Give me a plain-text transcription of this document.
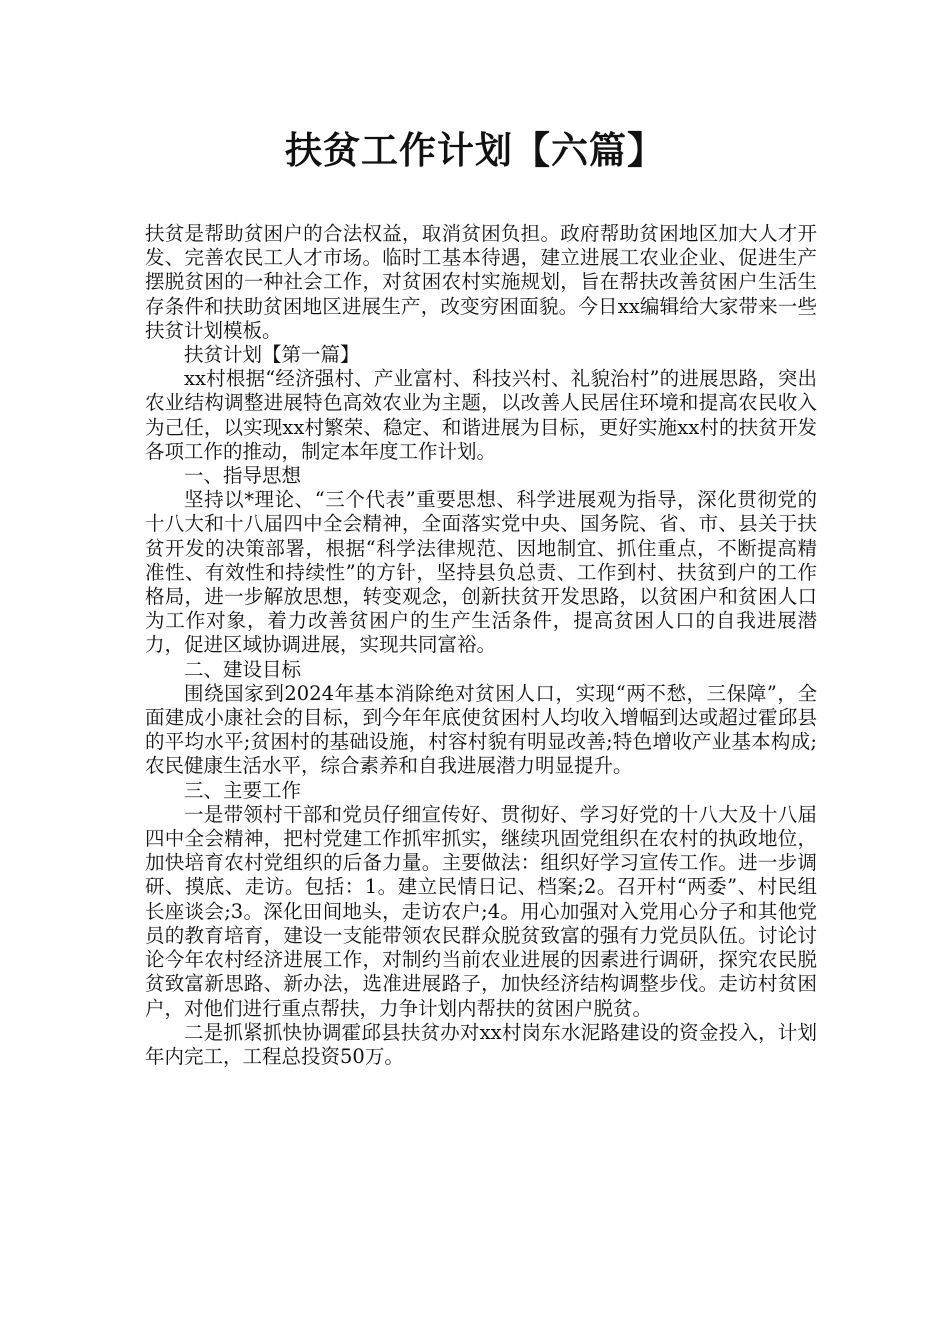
扶贫工作计划【六篇】

扶贫是帮助贫困户的合法权益，取消贫困负担。政府帮助贫困地区加大人才开发、完善农民工人才市场。临时工基本待遇，建立进展工农业企业、促进生产摆脱贫困的一种社会工作，对贫困农村实施规划，旨在帮扶改善贫困户生活生存条件和扶助贫困地区进展生产，改变穷困面貌。今日xx编辑给大家带来一些扶贫计划模板。

扶贫计划【第一篇】

xx村根据“经济强村、产业富村、科技兴村、礼貌治村”的进展思路，突出农业结构调整进展特色高效农业为主题，以改善人民居住环境和提高农民收入为己任，以实现xx村繁荣、稳定、和谐进展为目标，更好实施xx村的扶贫开发各项工作的推动，制定本年度工作计划。

一、指导思想

坚持以*理论、“三个代表”重要思想、科学进展观为指导，深化贯彻党的十八大和十八届四中全会精神，全面落实党中央、国务院、省、市、县关于扶贫开发的决策部署，根据“科学法律规范、因地制宜、抓住重点，不断提高精准性、有效性和持续性”的方针，坚持县负总责、工作到村、扶贫到户的工作格局，进一步解放思想，转变观念，创新扶贫开发思路，以贫困户和贫困人口为工作对象，着力改善贫困户的生产生活条件，提高贫困人口的自我进展潜力，促进区域协调进展，实现共同富裕。

二、建设目标

围绕国家到2024年基本消除绝对贫困人口，实现“两不愁，三保障”，全面建成小康社会的目标，到今年年底使贫困村人均收入增幅到达或超过霍邱县的平均水平;贫困村的基础设施，村容村貌有明显改善;特色增收产业基本构成;农民健康生活水平，综合素养和自我进展潜力明显提升。

三、主要工作

一是带领村干部和党员仔细宣传好、贯彻好、学习好党的十八大及十八届四中全会精神，把村党建工作抓牢抓实，继续巩固党组织在农村的执政地位，加快培育农村党组织的后备力量。主要做法：组织好学习宣传工作。进一步调研、摸底、走访。包括：1。建立民情日记、档案;2。召开村“两委”、村民组长座谈会;3。深化田间地头，走访农户;4。用心加强对入党用心分子和其他党员的教育培育，建设一支能带领农民群众脱贫致富的强有力党员队伍。讨论讨论今年农村经济进展工作，对制约当前农业进展的因素进行调研，探究农民脱贫致富新思路、新办法，选准进展路子，加快经济结构调整步伐。走访村贫困户，对他们进行重点帮扶，力争计划内帮扶的贫困户脱贫。

二是抓紧抓快协调霍邱县扶贫办对xx村岗东水泥路建设的资金投入，计划年内完工，工程总投资50万。
